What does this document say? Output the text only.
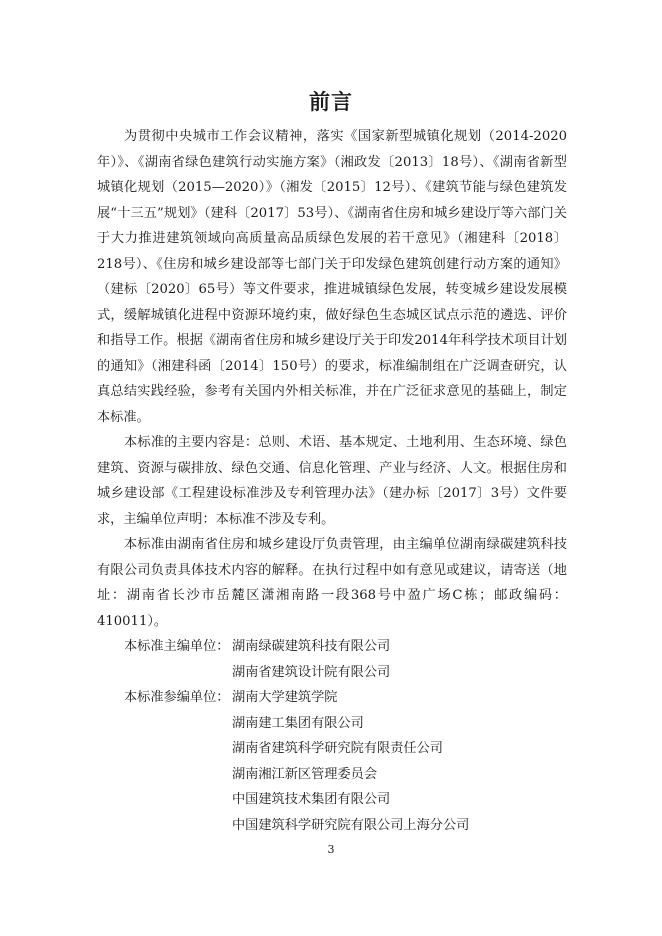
前言

为贯彻中央城市工作会议精神，落实《国家新型城镇化规划（2014-2020年）》、《湖南省绿色建筑行动实施方案》（湘政发〔2013〕18号）、《湖南省新型城镇化规划（2015—2020）》（湘发〔2015〕12号）、《建筑节能与绿色建筑发展“十三五”规划》（建科〔2017〕53号）、《湖南省住房和城乡建设厅等六部门关于大力推进建筑领域向高质量高品质绿色发展的若干意见》（湘建科〔2018〕218号）、《住房和城乡建设部等七部门关于印发绿色建筑创建行动方案的通知》（建标〔2020〕65号）等文件要求，推进城镇绿色发展，转变城乡建设发展模式，缓解城镇化进程中资源环境约束，做好绿色生态城区试点示范的遴选、评价和指导工作。根据《湖南省住房和城乡建设厅关于印发2014年科学技术项目计划的通知》（湘建科函〔2014〕150号）的要求，标准编制组在广泛调查研究，认真总结实践经验，参考有关国内外相关标准，并在广泛征求意见的基础上，制定本标准。

本标准的主要内容是：总则、术语、基本规定、土地利用、生态环境、绿色建筑、资源与碳排放、绿色交通、信息化管理、产业与经济、人文。根据住房和城乡建设部《工程建设标准涉及专利管理办法》（建办标〔2017〕3号）文件要求，主编单位声明：本标准不涉及专利。

本标准由湖南省住房和城乡建设厅负责管理，由主编单位湖南绿碳建筑科技有限公司负责具体技术内容的解释。在执行过程中如有意见或建议，请寄送（地址：湖南省长沙市岳麓区潇湘南路一段368号中盈广场C栋；邮政编码：410011）。

本标准主编单位： 湖南绿碳建筑科技有限公司

湖南省建筑设计院有限公司

本标准参编单位： 湖南大学建筑学院

湖南建工集团有限公司

湖南省建筑科学研究院有限责任公司

湖南湘江新区管理委员会

中国建筑技术集团有限公司

中国建筑科学研究院有限公司上海分公司

3
